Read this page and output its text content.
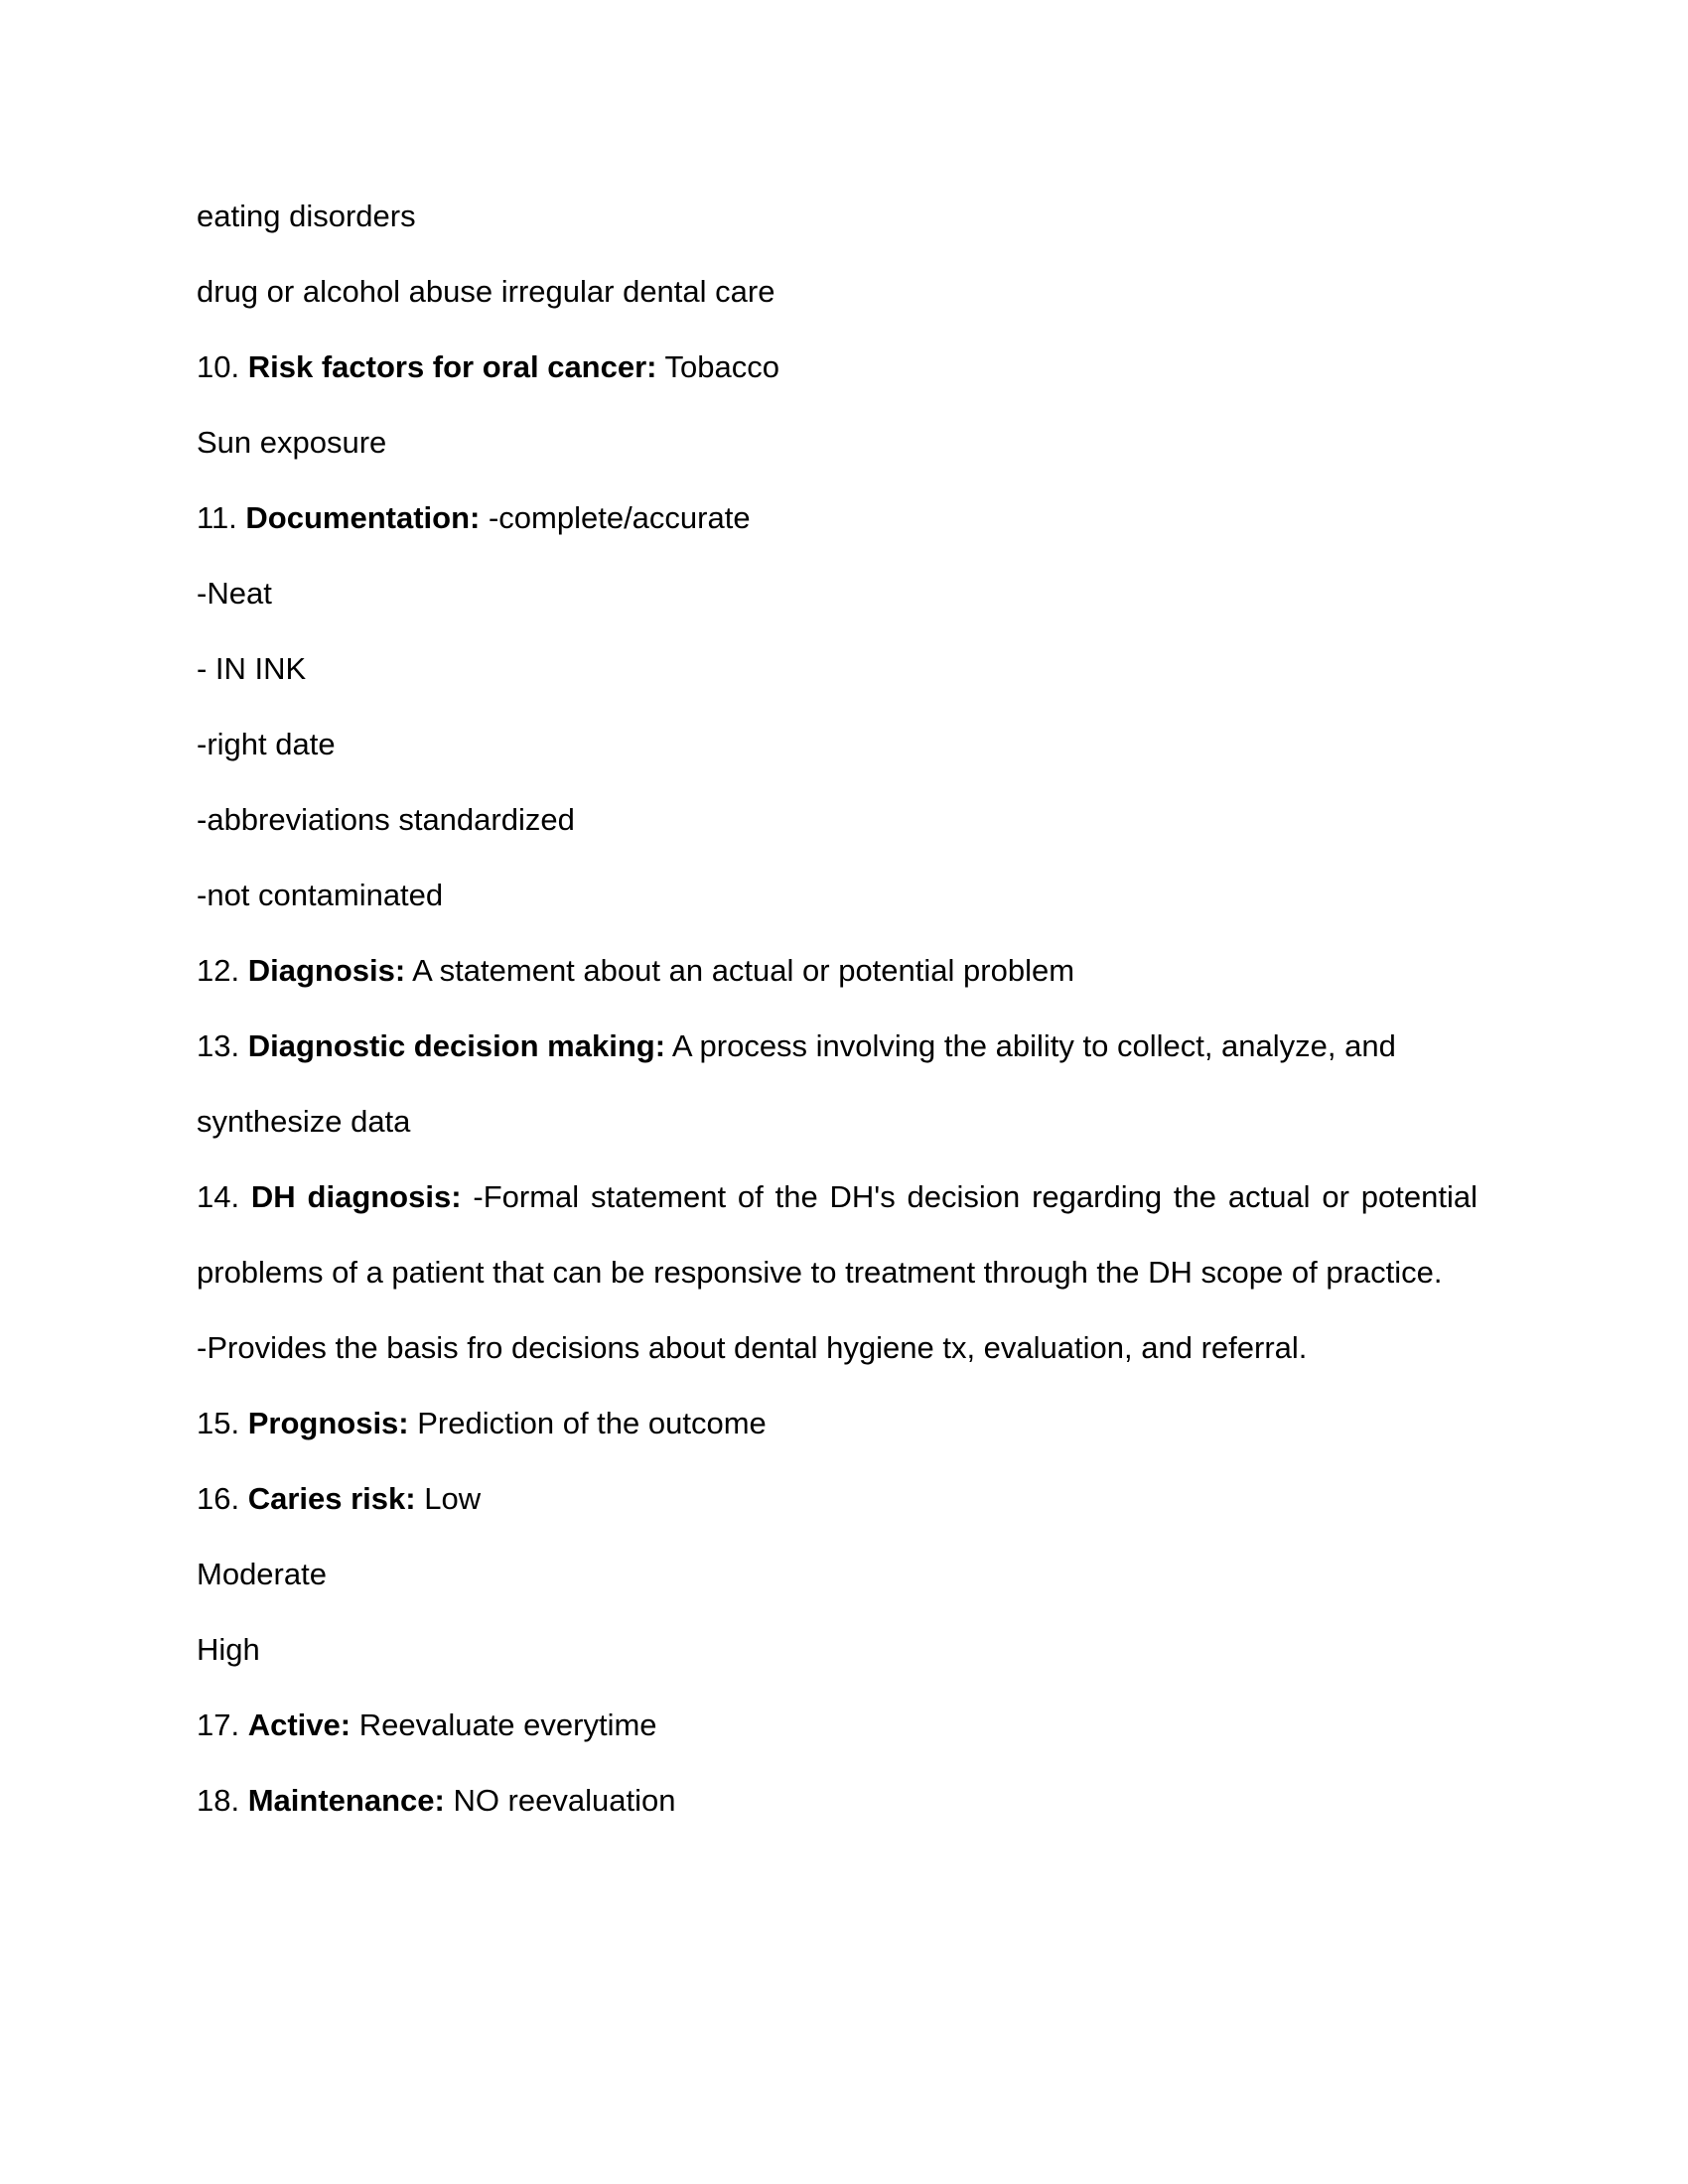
eating disorders

drug or alcohol abuse irregular dental care

10. Risk factors for oral cancer: Tobacco

Sun exposure

11. Documentation: -complete/accurate

-Neat

- IN INK

-right date

-abbreviations standardized

-not contaminated

12. Diagnosis: A statement about an actual or potential problem

13. Diagnostic decision making: A process involving the ability to collect, analyze, and synthesize data

14. DH diagnosis: -Formal statement of the DH's decision regarding the actual or potential problems of a patient that can be responsive to treatment through the DH scope of practice.

-Provides the basis fro decisions about dental hygiene tx, evaluation, and referral.

15. Prognosis: Prediction of the outcome

16. Caries risk: Low

Moderate

High

17. Active: Reevaluate everytime

18. Maintenance: NO reevaluation
